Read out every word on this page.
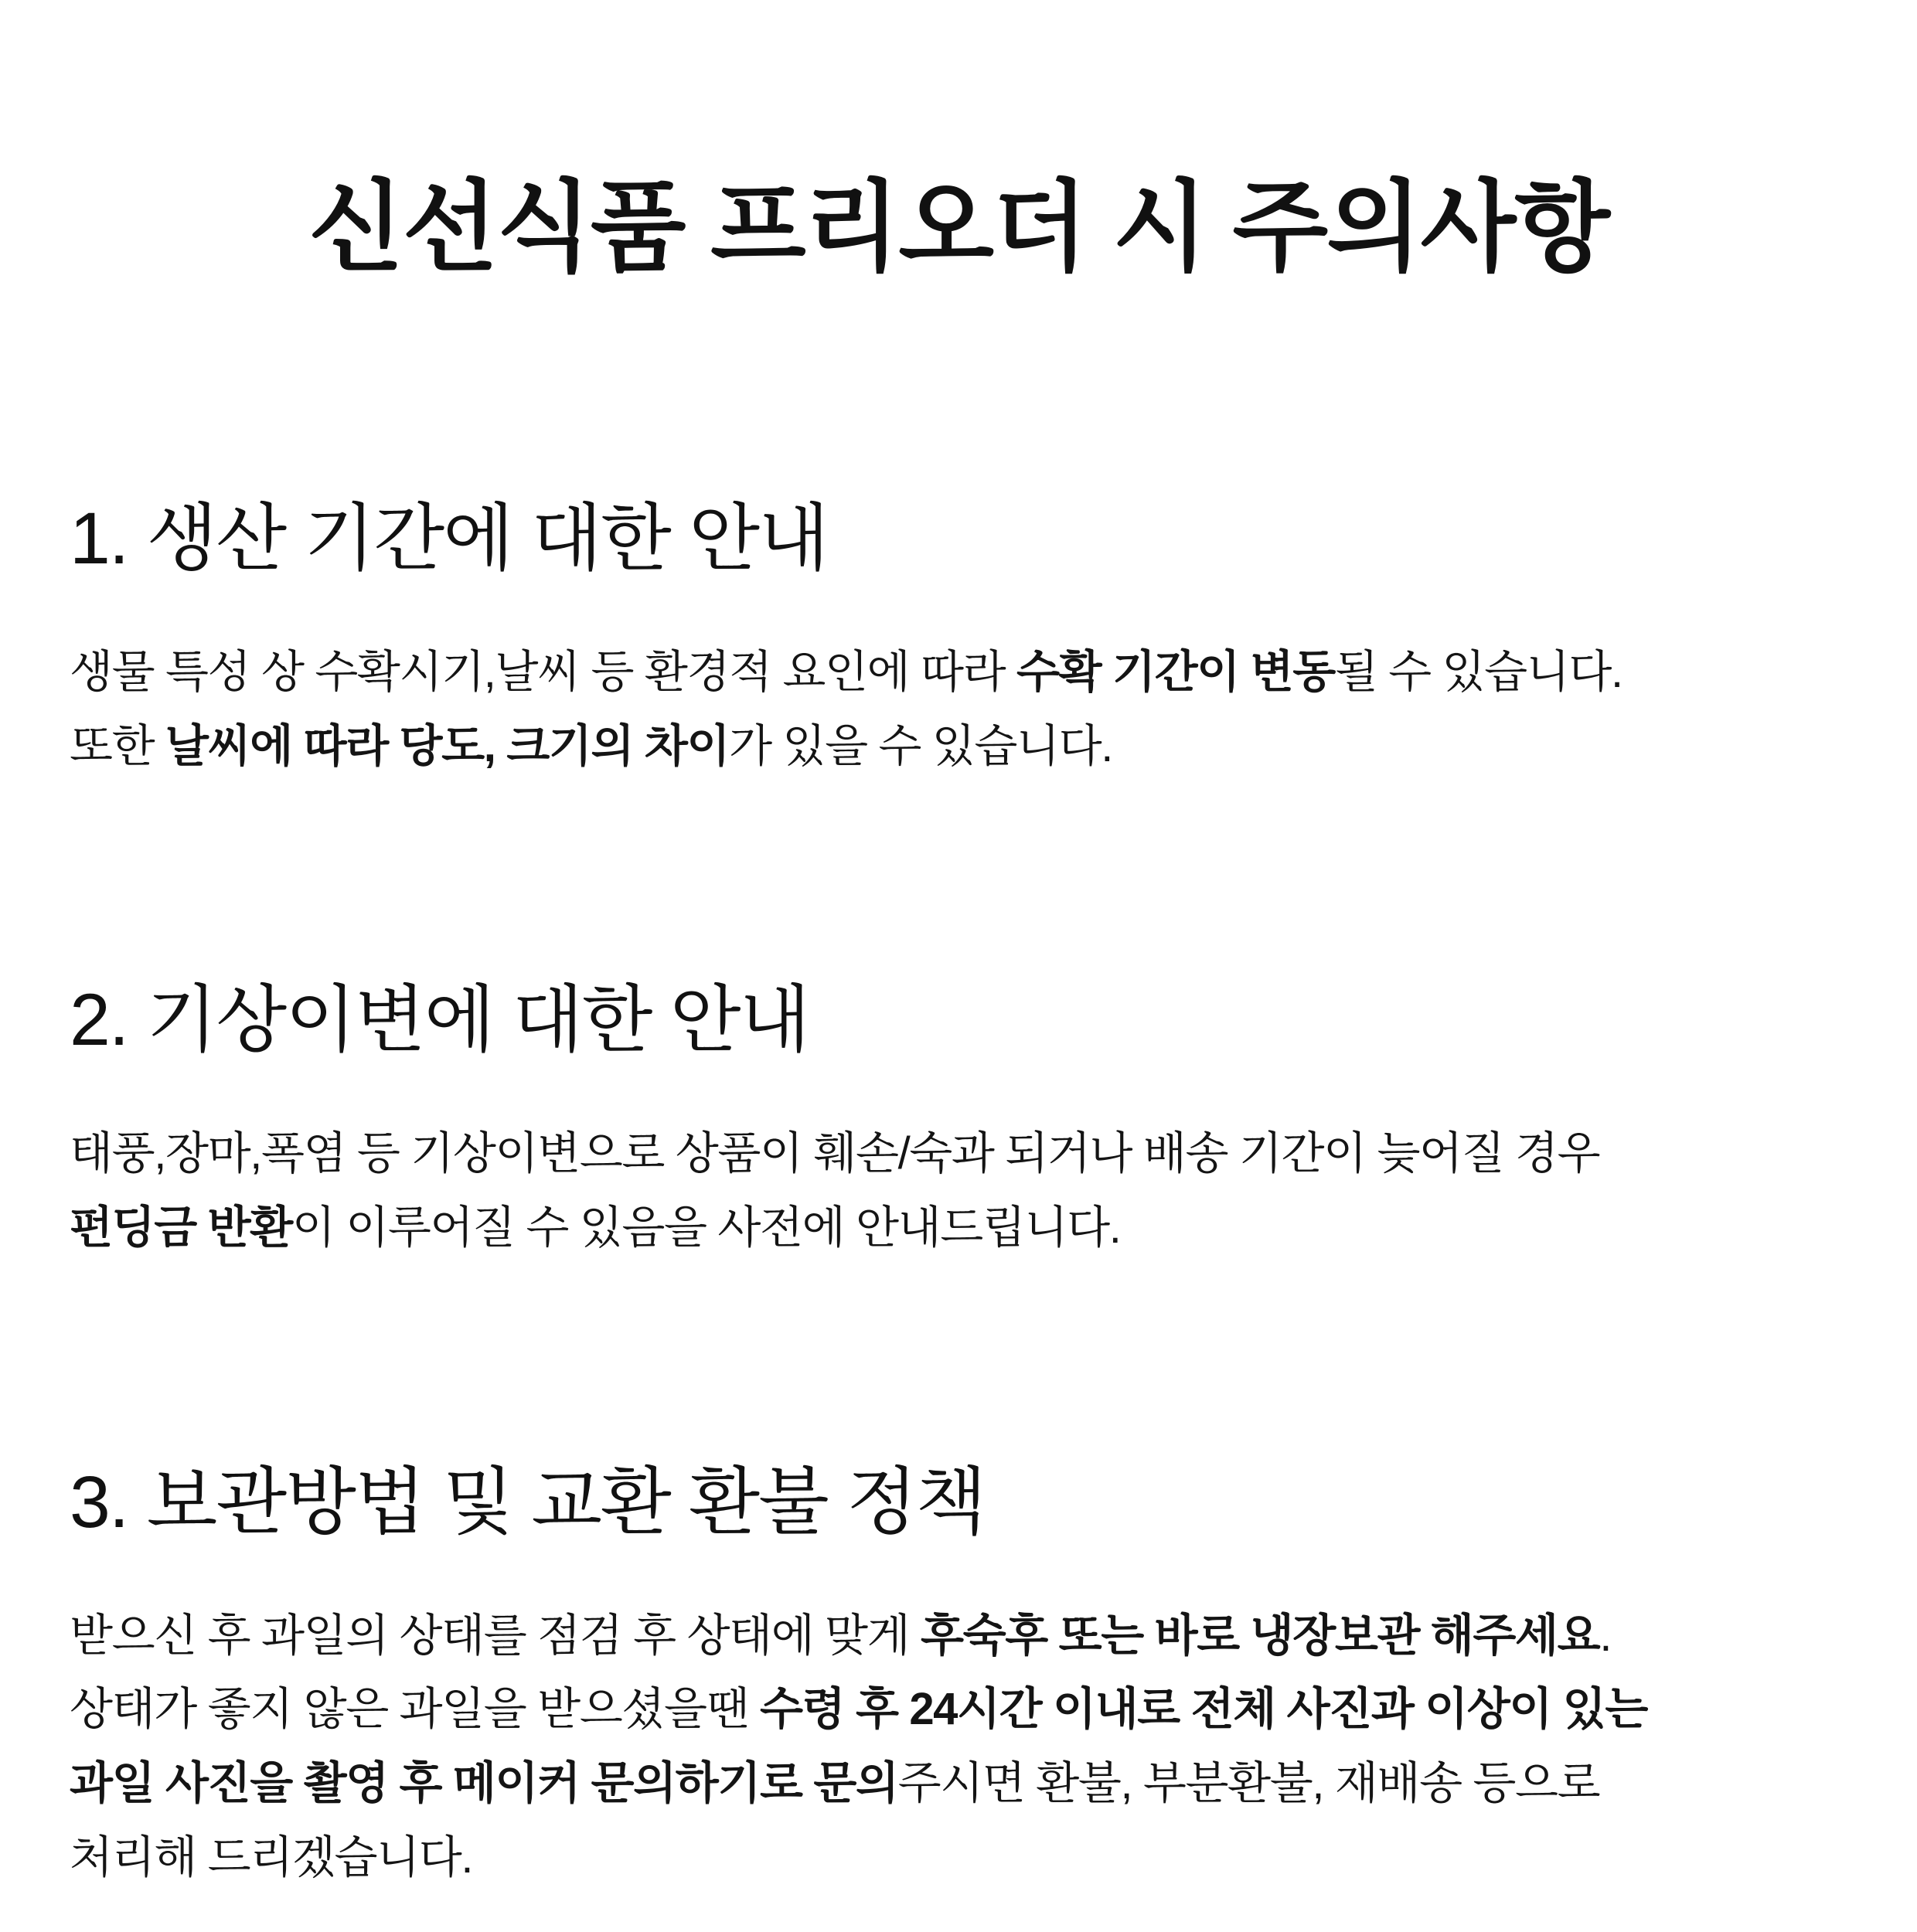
신선식품 프리오더 시 주의사항
1. 생산 기간에 대한 안내

생물 특성 상 수확시기,날씨 등 환경적 요인에 따라 수확 기간이 변동될 수 있습니다.
또한 날씨에 따라 당도, 크기의 차이가 있을 수 있습니다.

2. 기상이변에 대한 안내

태풍,장마,폭염 등 기상이변으로 상품이 훼손/숙과 되거나 배송 기간이 늦어질 경우
펀딩금 반환이 이루어질 수 있음을 사전에 안내드립니다.

3. 보관방법 및 교환 환불 정책

받으신 후 과일의 상태를 점검 후 상태에 맞게 후숙후 또는 바로 냉장보관 해주세요.
상태가 좋지 않은 과일을 받으셨을땐 수령 후 24시간 이내로 전체 사진과 이상이 있는
과일 사진을 촬영 후 메이커 문의하기로 문의주시면 환불, 부분환불, 재배송 등으로
처리해 드리겠습니다.
